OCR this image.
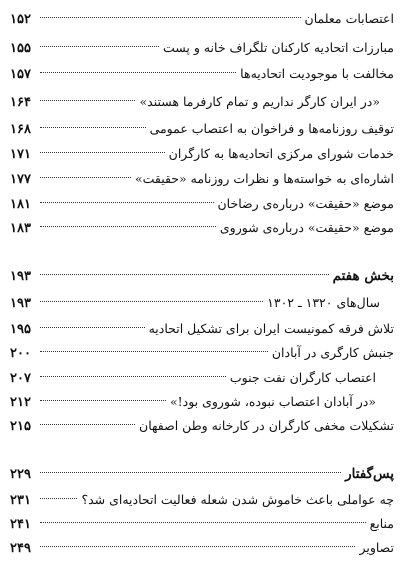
اعتصابات معلمان
۱۵۲
مبارزات اتحادیه کارکنان تلگراف خانه و پست
۱۵۵
مخالفت با موجودیت اتحادیه‌ها
۱۵۷
«در ایران کارگر نداریم و تمام کارفرما هستند»
۱۶۴
توقیف روزنامه‌ها و فراخوان به اعتصاب عمومی
۱۶۸
خدمات شورای مرکزی اتحادیه‌ها به کارگران
۱۷۱
اشاره‌ای به خواسته‌ها و نظرات روزنامه «حقیقت»
۱۷۷
موضع «حقیقت» درباره‌ی رضاخان
۱۸۱
موضع «حقیقت» درباره‌ی شوروی
۱۸۳
بخش هفتم
۱۹۳
سال‌های ۱۳۲۰ ـ ۱۳۰۲
۱۹۳
تلاش فرقه کمونیست ایران برای تشکیل اتحادیه
۱۹۵
جنبش کارگری در آبادان
۲۰۰
اعتصاب کارگران نفت جنوب
۲۰۷
«در آبادان اعتصاب نبوده، شوروی بود!»
۲۱۲
تشکیلات مخفی کارگران در کارخانه وطن اصفهان
۲۱۵
پس‌گفتار
۲۲۹
چه عواملی باعث خاموش شدن شعله فعالیت اتحادیه‌ای شد؟
۲۳۱
منابع
۲۴۱
تصاویر
۲۴۹
